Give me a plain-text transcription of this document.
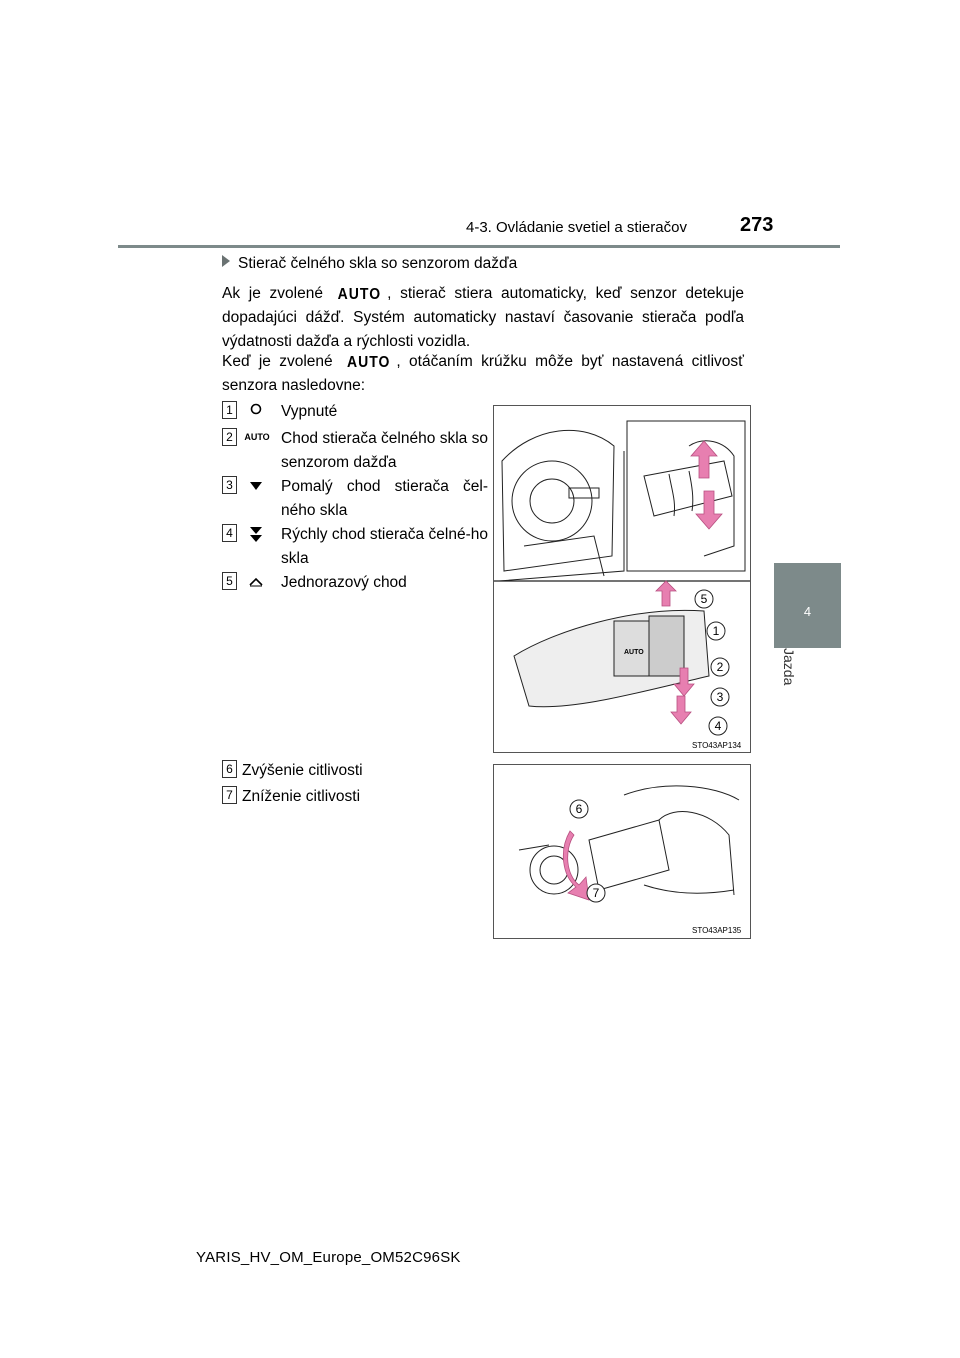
4-3. Ovládanie svetiel a stieračov	273
4
Jazda
Stierač čelného skla so senzorom dažďa
Ak je zvolené AUTO , stierač stiera automaticky, keď senzor detekuje dopadajúci dážď. Systém automaticky nastaví časovanie stierača podľa výdatnosti dažďa a rýchlosti vozidla.
Keď je zvolené AUTO , otáčaním krúžku môže byť nastavená citlivosť senzora nasledovne:
1	Vypnuté
2	AUTO Chod stierača čelného skla so senzorom dažďa
3	Pomalý chod stierača čel-ného skla
4	Rýchly chod stierača čelné-ho skla
5	Jednorazový chod
6 Zvýšenie citlivosti
7 Zníženie citlivosti
AUTO
5
1
2
3
4
STO43AP134
6
7
STO43AP135
YARIS_HV_OM_Europe_OM52C96SK
